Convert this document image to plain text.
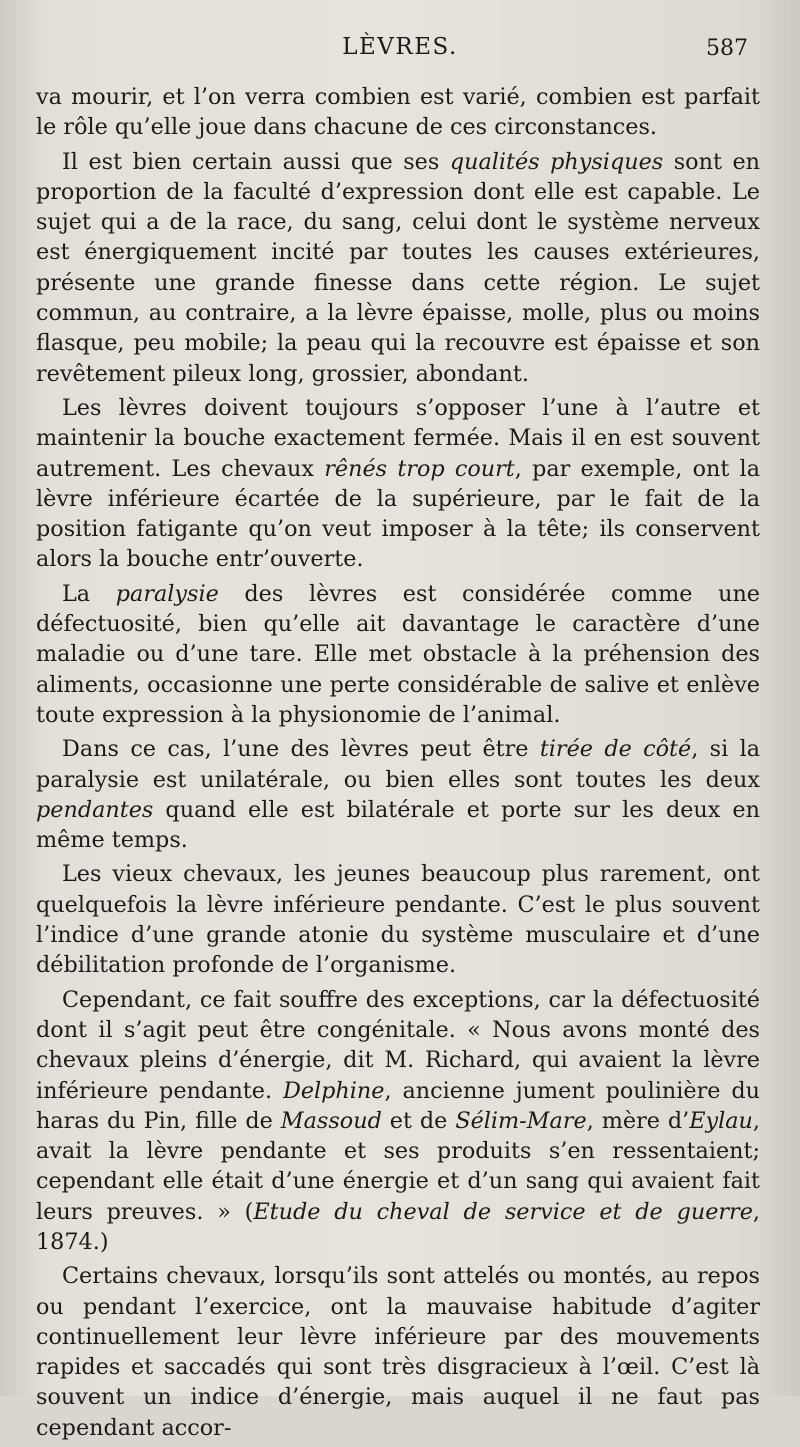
LÈVRES.	587

va mourir, et l’on verra combien est varié, combien est parfait le rôle qu’elle joue dans chacune de ces circonstances.

Il est bien certain aussi que ses qualités physiques sont en proportion de la faculté d’expression dont elle est capable. Le sujet qui a de la race, du sang, celui dont le système nerveux est énergiquement incité par toutes les causes extérieures, présente une grande finesse dans cette région. Le sujet commun, au contraire, a la lèvre épaisse, molle, plus ou moins flasque, peu mobile; la peau qui la recouvre est épaisse et son revêtement pileux long, grossier, abondant.

Les lèvres doivent toujours s’opposer l’une à l’autre et maintenir la bouche exactement fermée. Mais il en est souvent autrement. Les chevaux rênés trop court, par exemple, ont la lèvre inférieure écartée de la supérieure, par le fait de la position fatigante qu’on veut imposer à la tête; ils conservent alors la bouche entr’ouverte.

La paralysie des lèvres est considérée comme une défectuosité, bien qu’elle ait davantage le caractère d’une maladie ou d’une tare. Elle met obstacle à la préhension des aliments, occasionne une perte considérable de salive et enlève toute expression à la physionomie de l’animal.

Dans ce cas, l’une des lèvres peut être tirée de côté, si la paralysie est unilatérale, ou bien elles sont toutes les deux pendantes quand elle est bilatérale et porte sur les deux en même temps.

Les vieux chevaux, les jeunes beaucoup plus rarement, ont quelquefois la lèvre inférieure pendante. C’est le plus souvent l’indice d’une grande atonie du système musculaire et d’une débilitation profonde de l’organisme.

Cependant, ce fait souffre des exceptions, car la défectuosité dont il s’agit peut être congénitale. « Nous avons monté des chevaux pleins d’énergie, dit M. Richard, qui avaient la lèvre inférieure pendante. Delphine, ancienne jument poulinière du haras du Pin, fille de Massoud et de Sélim-Mare, mère d’Eylau, avait la lèvre pendante et ses produits s’en ressentaient; cependant elle était d’une énergie et d’un sang qui avaient fait leurs preuves. » (Etude du cheval de service et de guerre, 1874.)

Certains chevaux, lorsqu’ils sont attelés ou montés, au repos ou pendant l’exercice, ont la mauvaise habitude d’agiter continuellement leur lèvre inférieure par des mouvements rapides et saccadés qui sont très disgracieux à l’œil. C’est là souvent un indice d’énergie, mais auquel il ne faut pas cependant accor-
